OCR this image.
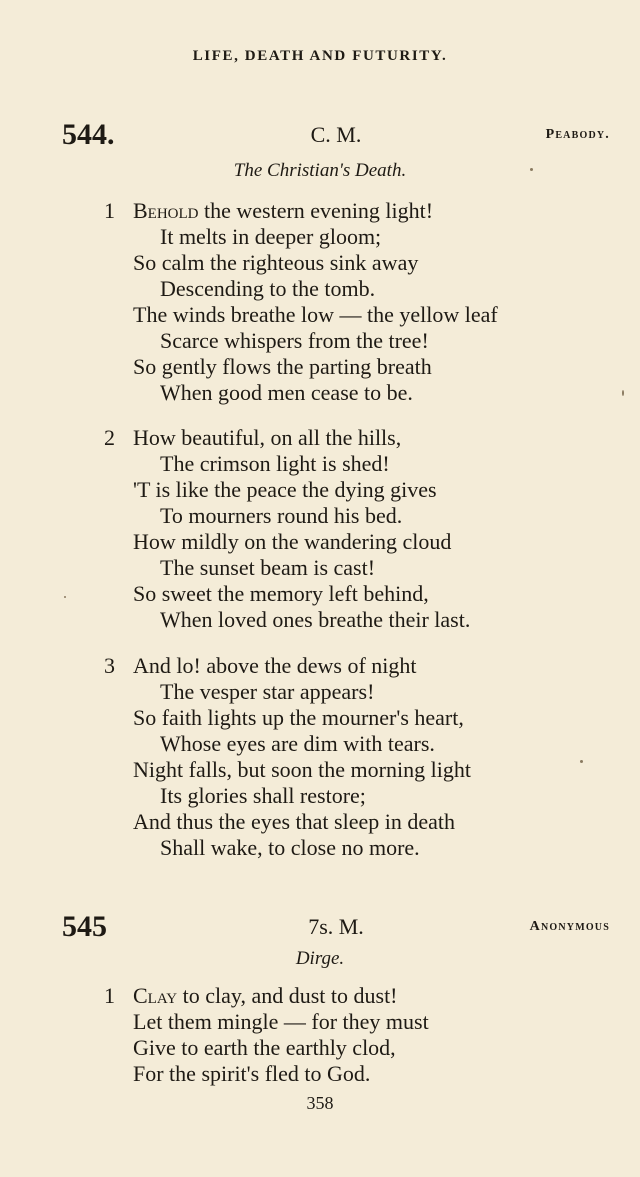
LIFE, DEATH AND FUTURITY.
544.	C. M.	Peabody.
The Christian's Death.
1 Behold the western evening light!
It melts in deeper gloom;
So calm the righteous sink away
Descending to the tomb.
The winds breathe low — the yellow leaf
Scarce whispers from the tree!
So gently flows the parting breath
When good men cease to be.
2 How beautiful, on all the hills,
The crimson light is shed!
'T is like the peace the dying gives
To mourners round his bed.
How mildly on the wandering cloud
The sunset beam is cast!
So sweet the memory left behind,
When loved ones breathe their last.
3 And lo! above the dews of night
The vesper star appears!
So faith lights up the mourner's heart,
Whose eyes are dim with tears.
Night falls, but soon the morning light
Its glories shall restore;
And thus the eyes that sleep in death
Shall wake, to close no more.
545	7s. M.	Anonymous
Dirge.
1 Clay to clay, and dust to dust!
Let them mingle — for they must
Give to earth the earthly clod,
For the spirit's fled to God.
358
